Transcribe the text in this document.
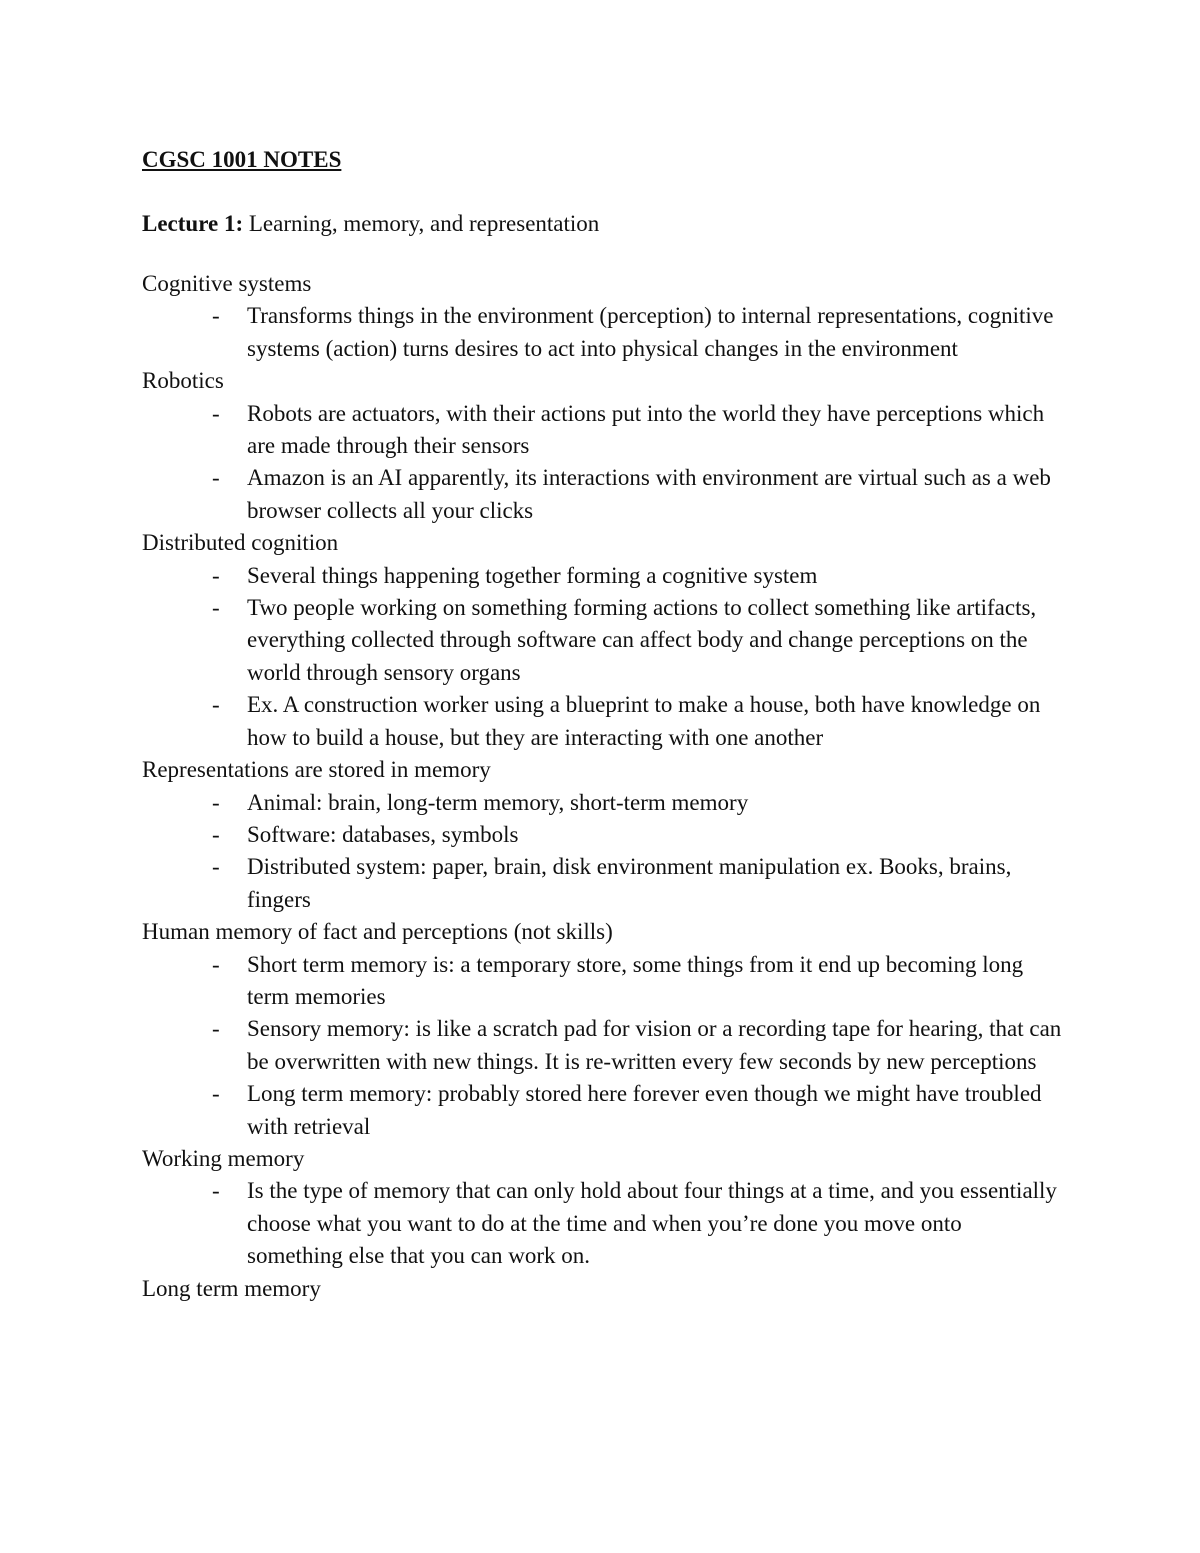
CGSC 1001 NOTES
Lecture 1: Learning, memory, and representation
Cognitive systems
- Transforms things in the environment (perception) to internal representations, cognitive systems (action) turns desires to act into physical changes in the environment
Robotics
- Robots are actuators, with their actions put into the world they have perceptions which are made through their sensors
- Amazon is an AI apparently, its interactions with environment are virtual such as a web browser collects all your clicks
Distributed cognition
- Several things happening together forming a cognitive system
- Two people working on something forming actions to collect something like artifacts, everything collected through software can affect body and change perceptions on the world through sensory organs
- Ex. A construction worker using a blueprint to make a house, both have knowledge on how to build a house, but they are interacting with one another
Representations are stored in memory
- Animal: brain, long-term memory, short-term memory
- Software: databases, symbols
- Distributed system: paper, brain, disk environment manipulation ex. Books, brains, fingers
Human memory of fact and perceptions (not skills)
- Short term memory is: a temporary store, some things from it end up becoming long term memories
- Sensory memory: is like a scratch pad for vision or a recording tape for hearing, that can be overwritten with new things. It is re-written every few seconds by new perceptions
- Long term memory: probably stored here forever even though we might have troubled with retrieval
Working memory
- Is the type of memory that can only hold about four things at a time, and you essentially choose what you want to do at the time and when you’re done you move onto something else that you can work on.
Long term memory
